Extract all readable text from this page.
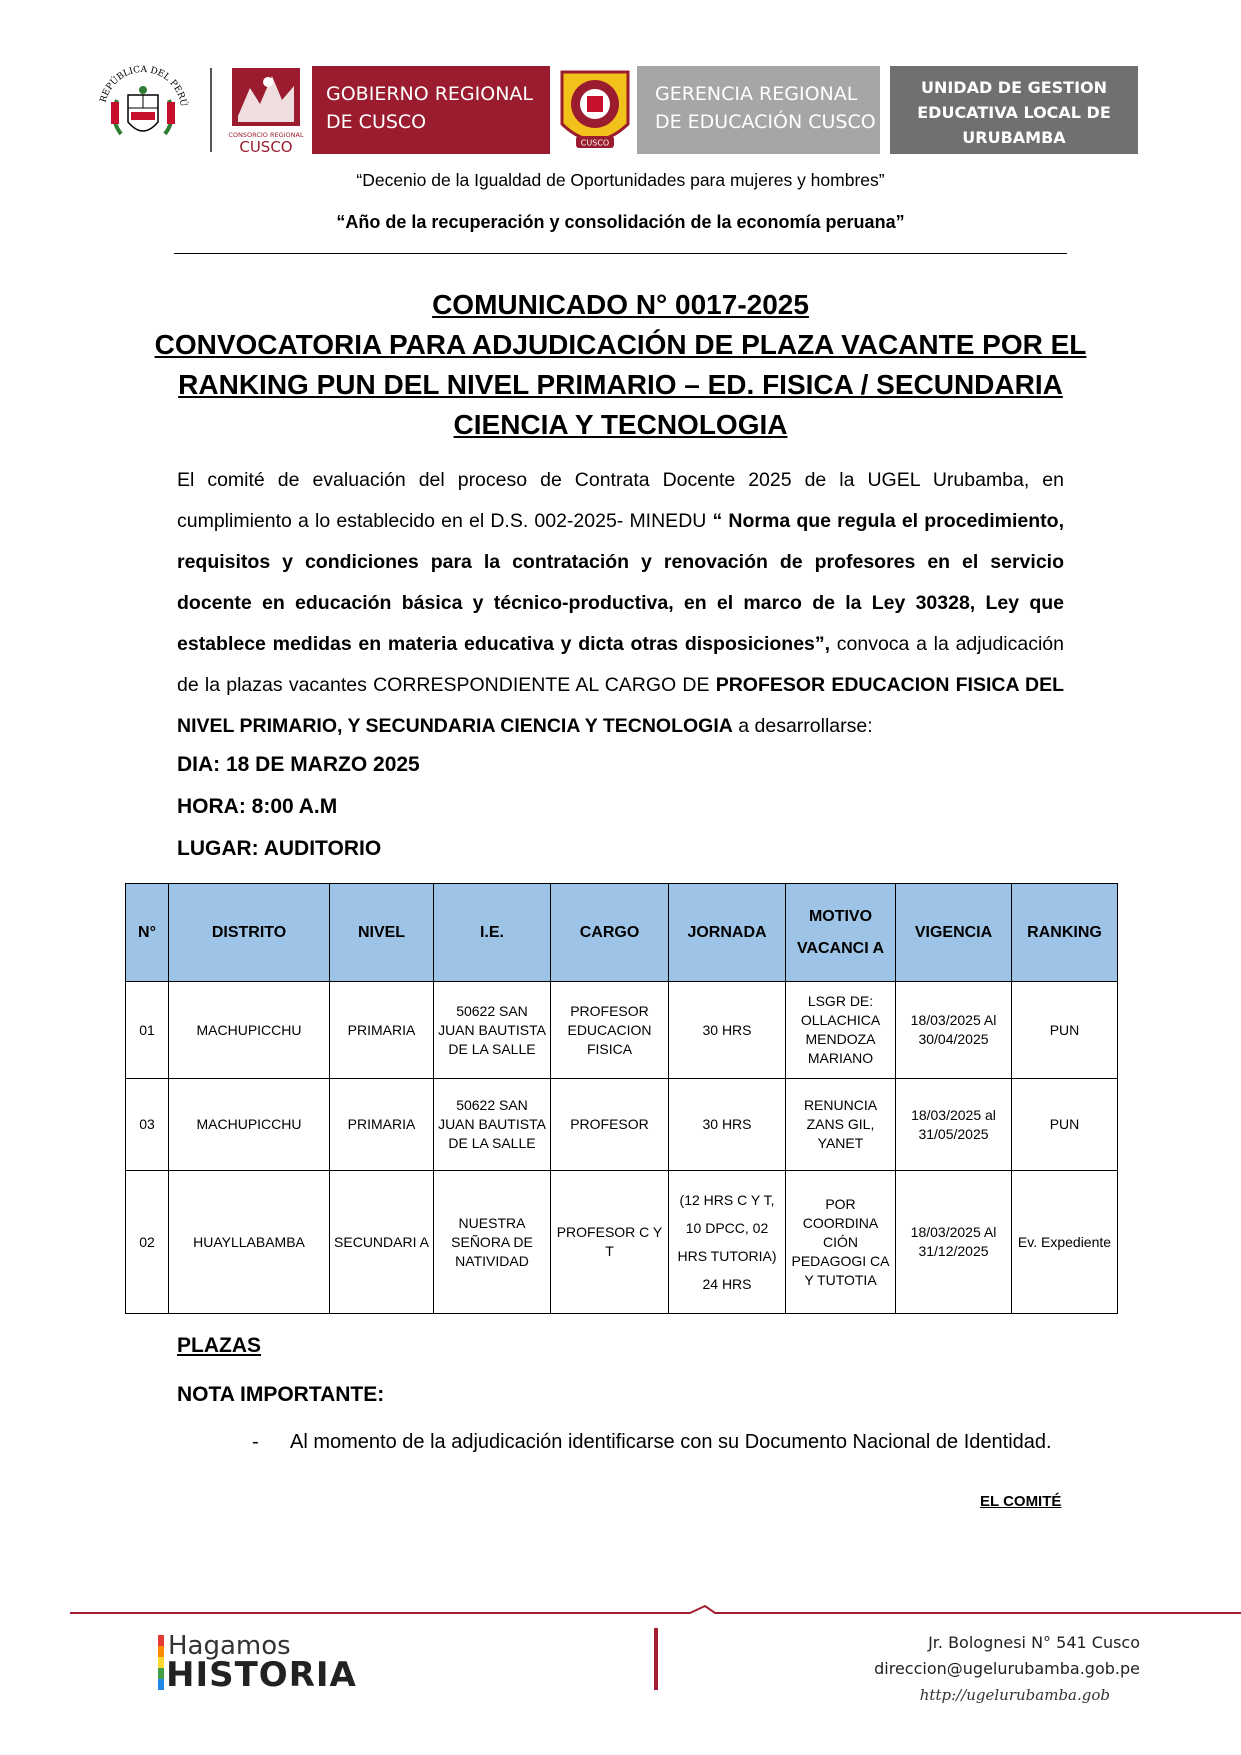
REPÚBLICA DEL PERÚ
CONSORCIO REGIONAL
CUSCO
GOBIERNO REGIONAL
DE CUSCO
CUSCO
GERENCIA REGIONAL
DE EDUCACIÓN CUSCO
UNIDAD DE GESTION
EDUCATIVA LOCAL DE
URUBAMBA
“Decenio de la Igualdad de Oportunidades para mujeres y hombres”
“Año de la recuperación y consolidación de la economía peruana”
COMUNICADO N° 0017-2025
CONVOCATORIA PARA ADJUDICACIÓN DE PLAZA VACANTE POR EL
RANKING PUN DEL NIVEL PRIMARIO – ED. FISICA / SECUNDARIA
CIENCIA Y TECNOLOGIA
El comité de evaluación del proceso de Contrata Docente 2025 de la UGEL Urubamba, en cumplimiento a lo establecido en el D.S. 002-2025- MINEDU “ Norma que regula el procedimiento, requisitos y condiciones para la contratación y renovación de profesores en el servicio docente en educación básica y técnico-productiva, en el marco de la Ley 30328, Ley que establece medidas en materia educativa y dicta otras disposiciones”, convoca a la adjudicación de la plazas vacantes CORRESPONDIENTE AL CARGO DE PROFESOR EDUCACION FISICA DEL NIVEL PRIMARIO, Y SECUNDARIA CIENCIA Y TECNOLOGIA a desarrollarse:
DIA: 18 DE MARZO 2025
HORA: 8:00 A.M
LUGAR: AUDITORIO
N°	DISTRITO	NIVEL	I.E.	CARGO	JORNADA	MOTIVO VACANCI A	VIGENCIA	RANKING
01	MACHUPICCHU	PRIMARIA	50622 SAN JUAN BAUTISTA DE LA SALLE	PROFESOR EDUCACION FISICA	30 HRS	LSGR DE: OLLACHICA MENDOZA MARIANO	18/03/2025 Al 30/04/2025	PUN
03	MACHUPICCHU	PRIMARIA	50622 SAN JUAN BAUTISTA DE LA SALLE	PROFESOR	30 HRS	RENUNCIA ZANS GIL, YANET	18/03/2025 al 31/05/2025	PUN
02	HUAYLLABAMBA	SECUNDARI A	NUESTRA SEÑORA DE NATIVIDAD	PROFESOR C Y T	(12 HRS C Y T, 10 DPCC, 02 HRS TUTORIA) 24 HRS	POR COORDINA CIÓN PEDAGOGI CA Y TUTOTIA	18/03/2025 Al 31/12/2025	Ev. Expediente
PLAZAS
NOTA IMPORTANTE:
- Al momento de la adjudicación identificarse con su Documento Nacional de Identidad.
EL COMITÉ
Hagamos
HISTORIA
Jr. Bolognesi N° 541 Cusco
direccion@ugelurubamba.gob.pe
http://ugelurubamba.gob
